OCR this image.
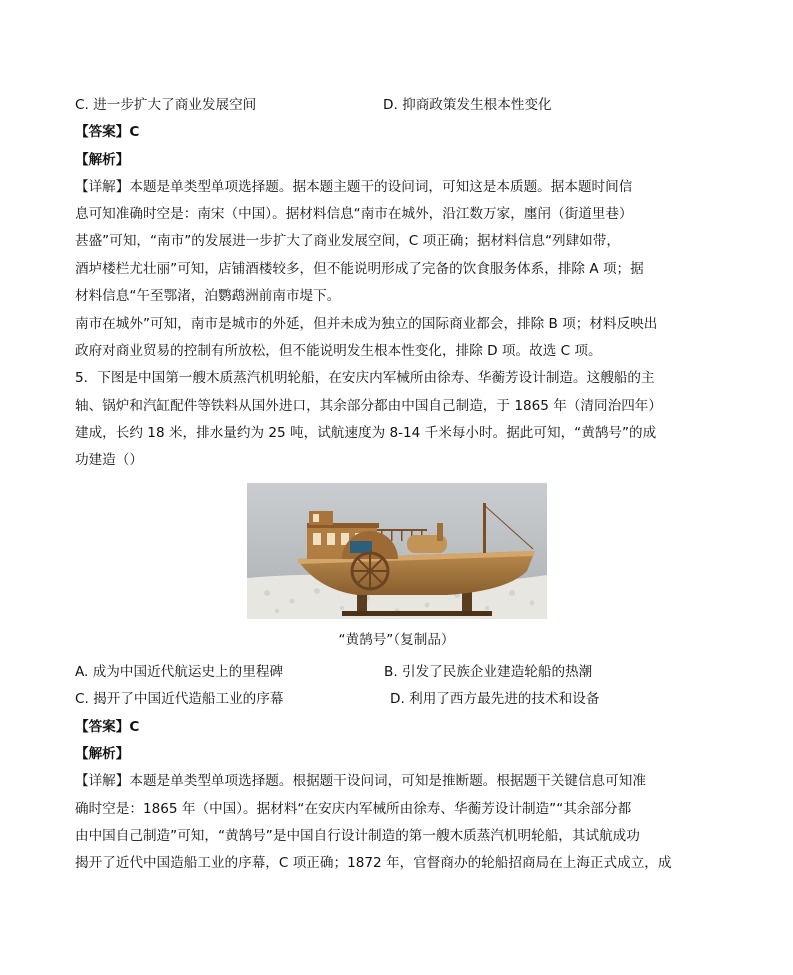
C. 进一步扩大了商业发展空间	D. 抑商政策发生根本性变化
【答案】C
【解析】
【详解】本题是单类型单项选择题。据本题主题干的设问词，可知这是本质题。据本题时间信
息可知准确时空是：南宋（中国）。据材料信息“南市在城外，沿江数万家，廛闬（街道里巷）
甚盛”可知，“南市”的发展进一步扩大了商业发展空间，C 项正确；据材料信息“列肆如带，
酒垆楼栏尤壮丽”可知，店铺酒楼较多，但不能说明形成了完备的饮食服务体系，排除 A 项；据
材料信息“午至鄂渚，泊鹦鹉洲前南市堤下。
南市在城外”可知，南市是城市的外延，但并未成为独立的国际商业都会，排除 B 项；材料反映出
政府对商业贸易的控制有所放松，但不能说明发生根本性变化，排除 D 项。故选 C 项。
5．下图是中国第一艘木质蒸汽机明轮船，在安庆内军械所由徐寿、华蘅芳设计制造。这艘船的主
轴、锅炉和汽缸配件等铁料从国外进口，其余部分都由中国自己制造，于 1865 年（清同治四年）
建成，长约 18 米，排水量约为 25 吨，试航速度为 8-14 千米每小时。据此可知，“黄鹄号”的成
功建造（）
“黄鹄号”（复制品）
A. 成为中国近代航运史上的里程碑	B. 引发了民族企业建造轮船的热潮
C. 揭开了中国近代造船工业的序幕	D. 利用了西方最先进的技术和设备
【答案】C
【解析】
【详解】本题是单类型单项选择题。根据题干设问词，可知是推断题。根据题干关键信息可知准
确时空是：1865 年（中国）。据材料“在安庆内军械所由徐寿、华蘅芳设计制造”“其余部分都
由中国自己制造”可知，“黄鹄号”是中国自行设计制造的第一艘木质蒸汽机明轮船，其试航成功
揭开了近代中国造船工业的序幕，C 项正确；1872 年，官督商办的轮船招商局在上海正式成立，成
